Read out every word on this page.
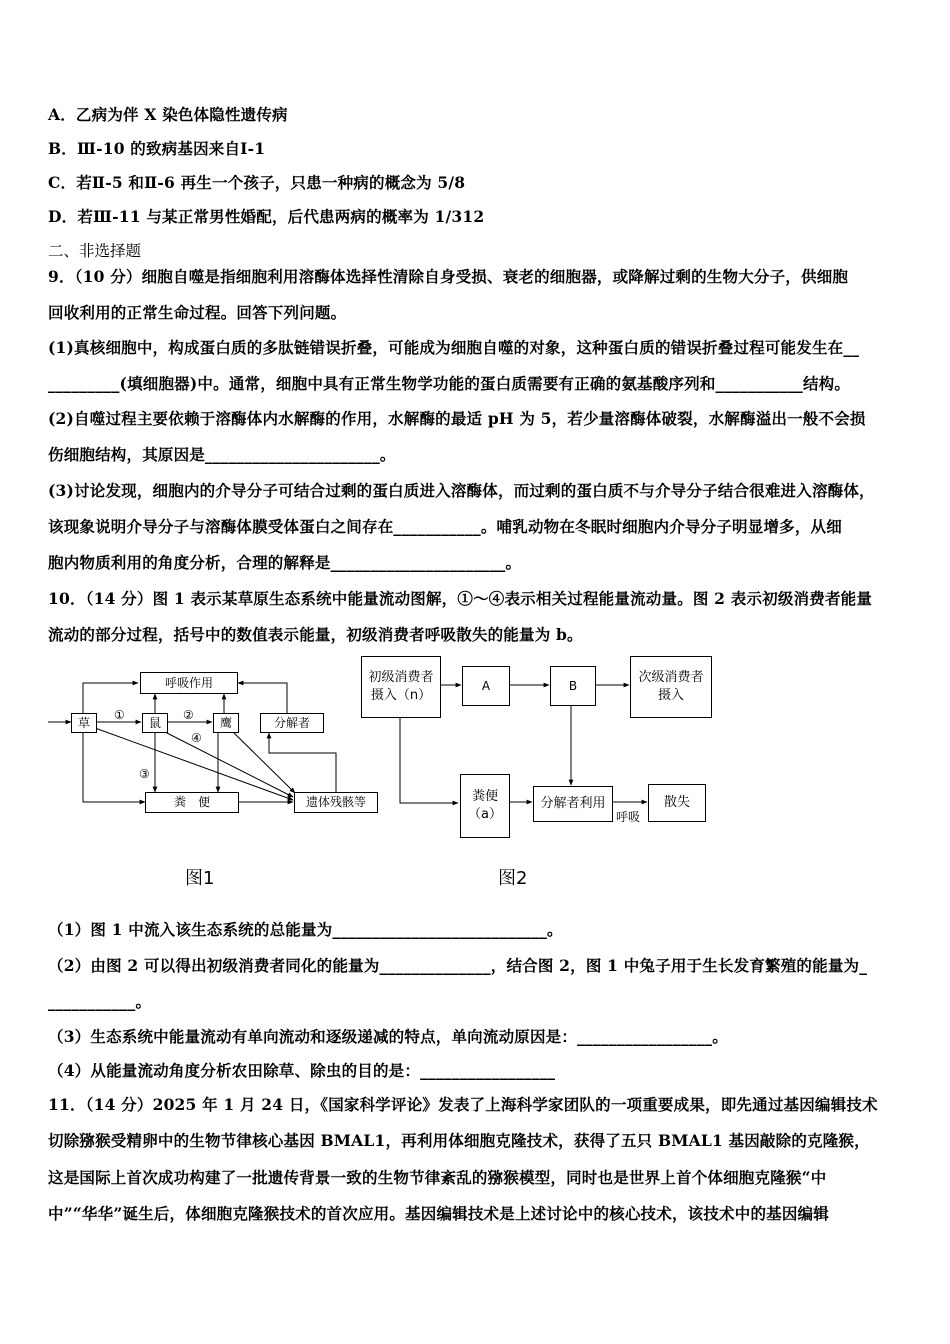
A．乙病为伴 X 染色体隐性遗传病
B．Ⅲ-10 的致病基因来自Ⅰ-1
C．若Ⅱ-5 和Ⅱ-6 再生一个孩子，只患一种病的概念为 5/8
D．若Ⅲ-11 与某正常男性婚配，后代患两病的概率为 1/312
二、非选择题
9．（10 分）细胞自噬是指细胞利用溶酶体选择性清除自身受损、衰老的细胞器，或降解过剩的生物大分子，供细胞
回收利用的正常生命过程。回答下列问题。
(1)真核细胞中，构成蛋白质的多肽链错误折叠，可能成为细胞自噬的对象，这种蛋白质的错误折叠过程可能发生在__
_________(填细胞器)中。通常，细胞中具有正常生物学功能的蛋白质需要有正确的氨基酸序列和___________结构。
(2)自噬过程主要依赖于溶酶体内水解酶的作用，水解酶的最适 pH 为 5，若少量溶酶体破裂，水解酶溢出一般不会损
伤细胞结构，其原因是______________________。
(3)讨论发现，细胞内的介导分子可结合过剩的蛋白质进入溶酶体，而过剩的蛋白质不与介导分子结合很难进入溶酶体，
该现象说明介导分子与溶酶体膜受体蛋白之间存在___________。哺乳动物在冬眠时细胞内介导分子明显增多，从细
胞内物质利用的角度分析，合理的解释是______________________。
10．（14 分）图 1 表示某草原生态系统中能量流动图解，①～④表示相关过程能量流动量。图 2 表示初级消费者能量
流动的部分过程，括号中的数值表示能量，初级消费者呼吸散失的能量为 b。
呼吸作用
草	鼠	鹰	分解者
粪　便	遗体残骸等
①	②
③
④
图1
初级消费者摄入（n）
A	B
次级消费者摄入
粪便（a）
分解者利用	散失
呼吸
图2
（1）图 1 中流入该生态系统的总能量为___________________________。
（2）由图 2 可以得出初级消费者同化的能量为______________，结合图 2，图 1 中兔子用于生长发育繁殖的能量为_
___________。
（3）生态系统中能量流动有单向流动和逐级递减的特点，单向流动原因是：_________________。
（4）从能量流动角度分析农田除草、除虫的目的是：_________________
11．（14 分）2025 年 1 月 24 日，《国家科学评论》发表了上海科学家团队的一项重要成果，即先通过基因编辑技术
切除猕猴受精卵中的生物节律核心基因 BMAL1，再利用体细胞克隆技术，获得了五只 BMAL1 基因敲除的克隆猴，
这是国际上首次成功构建了一批遗传背景一致的生物节律紊乱的猕猴模型，同时也是世界上首个体细胞克隆猴“中
中”“华华”诞生后，体细胞克隆猴技术的首次应用。基因编辑技术是上述讨论中的核心技术，该技术中的基因编辑
